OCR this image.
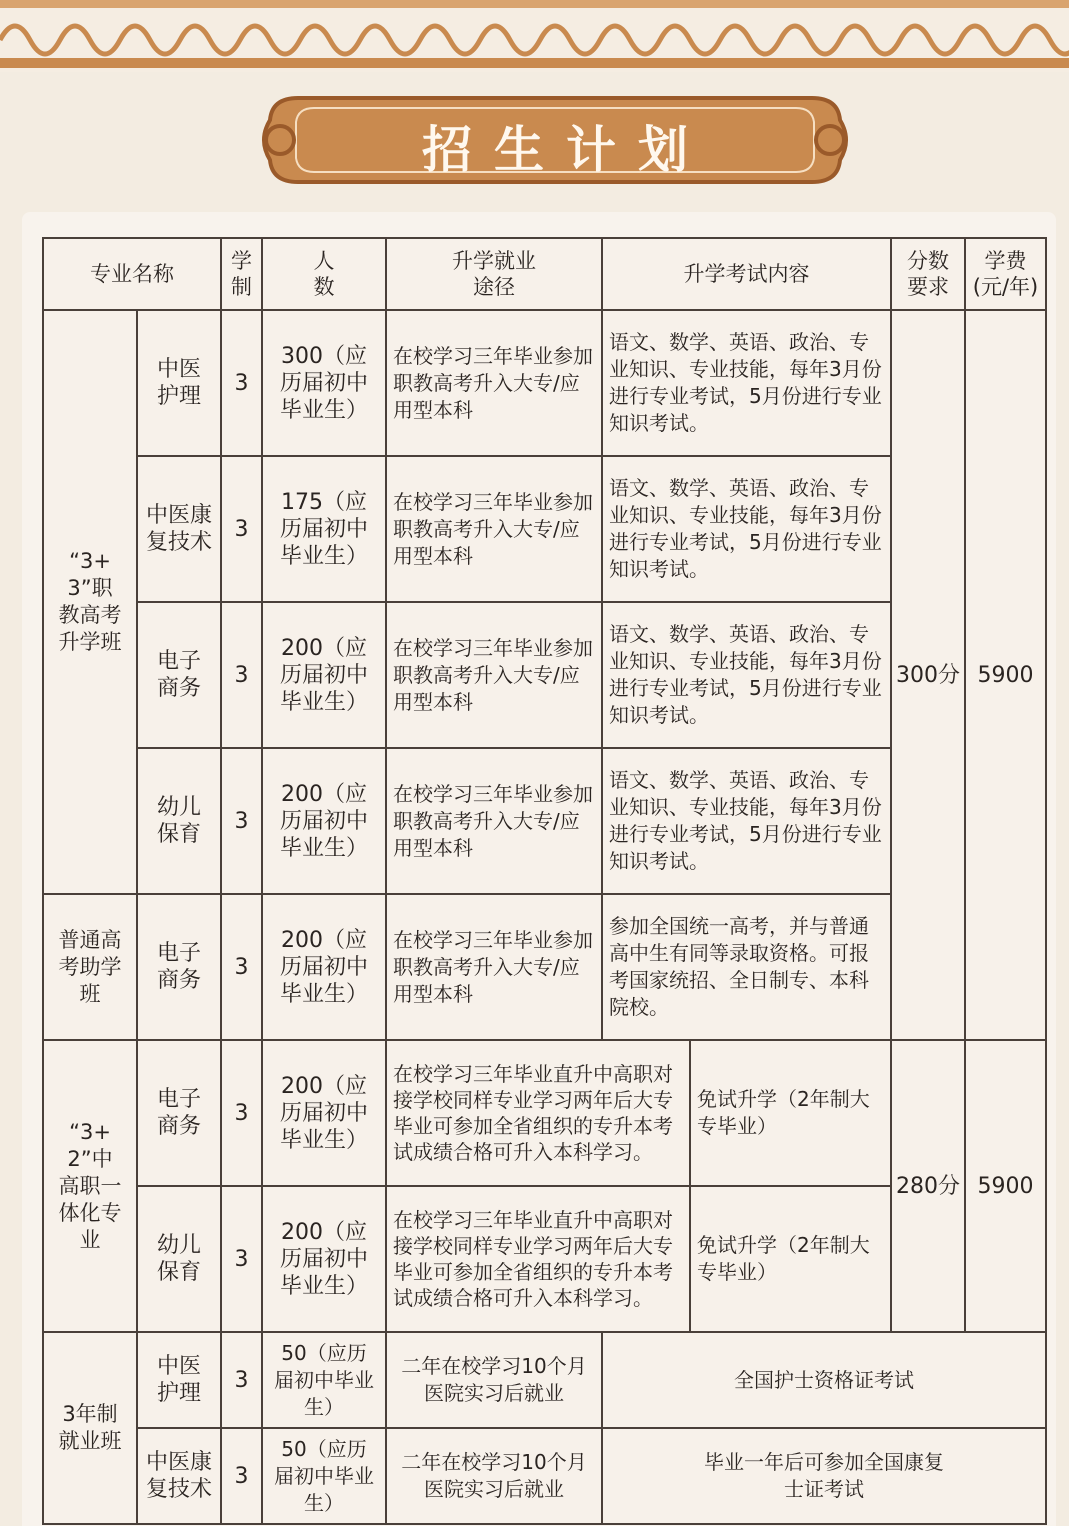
招生计划
专业名称		学制	人数	升学就业途径	升学考试内容		分数要求	学费(元/年)
“3+3”职教高考升学班	中医护理	3	300（应历届初中毕业生）	在校学习三年毕业参加职教高考升入大专/应用型本科	语文、数学、英语、政治、专业知识、专业技能，每年3月份进行专业考试，5月份进行专业知识考试。		300分	5900
	中医康复技术	3	175（应历届初中毕业生）	在校学习三年毕业参加职教高考升入大专/应用型本科	语文、数学、英语、政治、专业知识、专业技能，每年3月份进行专业考试，5月份进行专业知识考试。			
	电子商务	3	200（应历届初中毕业生）	在校学习三年毕业参加职教高考升入大专/应用型本科	语文、数学、英语、政治、专业知识、专业技能，每年3月份进行专业考试，5月份进行专业知识考试。			
	幼儿保育	3	200（应历届初中毕业生）	在校学习三年毕业参加职教高考升入大专/应用型本科	语文、数学、英语、政治、专业知识、专业技能，每年3月份进行专业考试，5月份进行专业知识考试。			
普通高考助学班	电子商务	3	200（应历届初中毕业生）	在校学习三年毕业参加职教高考升入大专/应用型本科	参加全国统一高考，并与普通高中生有同等录取资格。可报考国家统招、全日制专、本科院校。			
“3+2”中高职一体化专业	电子商务	3	200（应历届初中毕业生）	在校学习三年毕业直升中高职对接学校同样专业学习两年后大专毕业可参加全省组织的专升本考试成绩合格可升入本科学习。		免试升学（2年制大专毕业）	280分	5900
	幼儿保育	3	200（应历届初中毕业生）	在校学习三年毕业直升中高职对接学校同样专业学习两年后大专毕业可参加全省组织的专升本考试成绩合格可升入本科学习。		免试升学（2年制大专毕业）		
3年制就业班	中医护理	3	50（应历届初中毕业生）	二年在校学习10个月医院实习后就业	全国护士资格证考试			
	中医康复技术	3	50（应历届初中毕业生）	二年在校学习10个月医院实习后就业	毕业一年后可参加全国康复士证考试			
